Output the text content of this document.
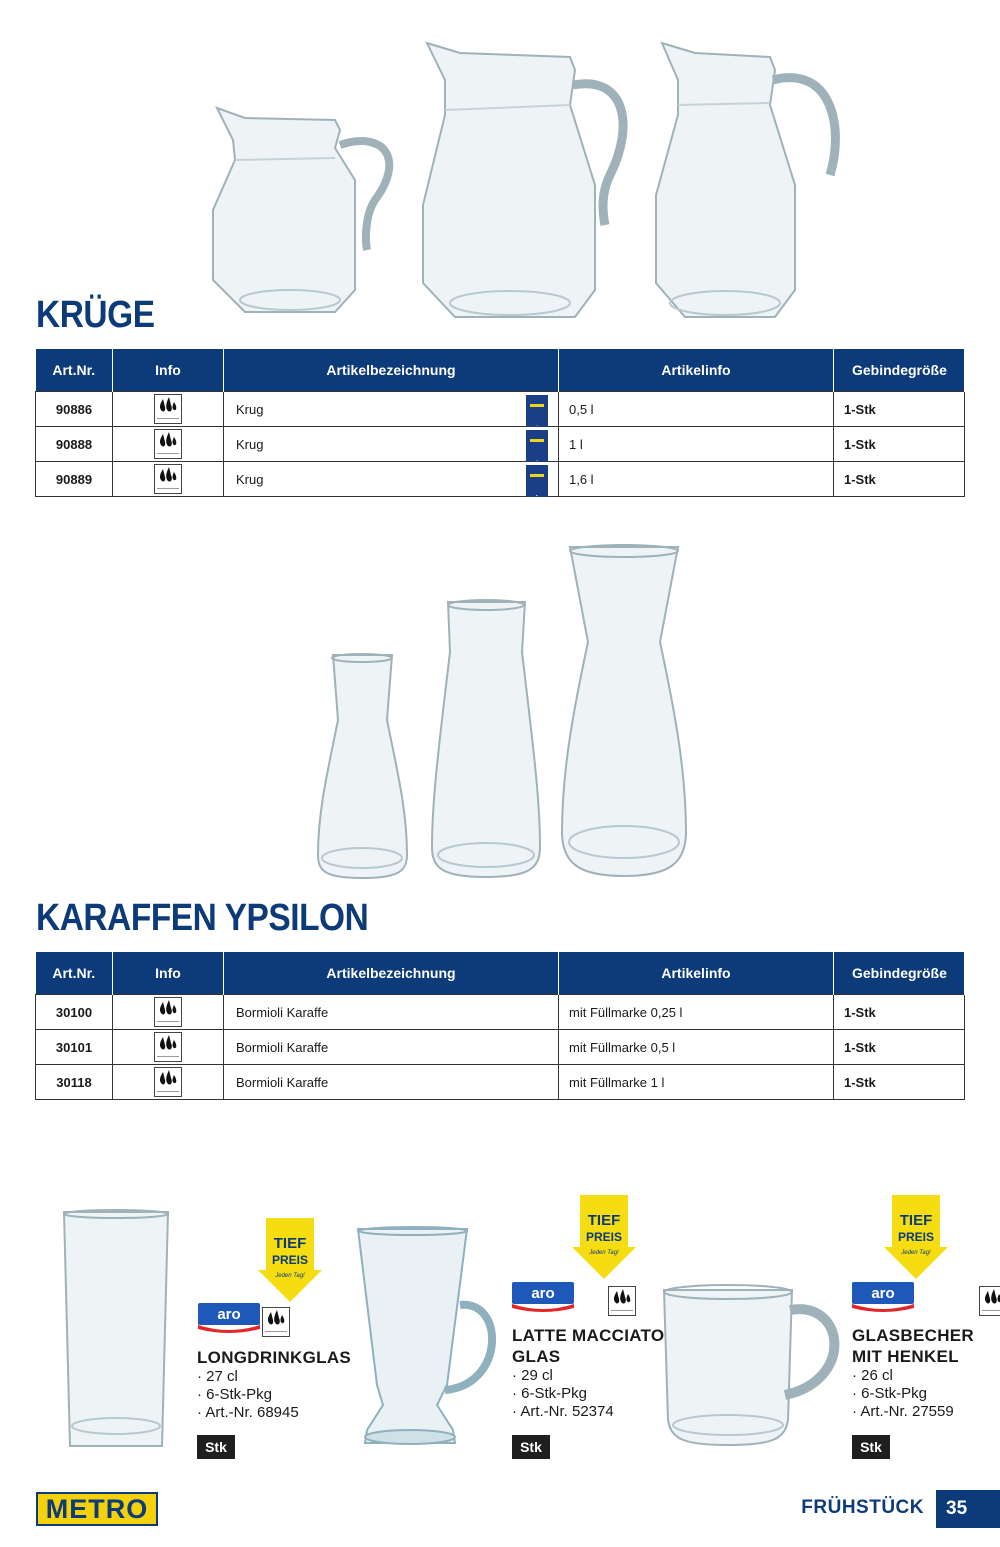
KRÜGE
Art.Nr.	Info	Artikelbezeichnung	Artikelinfo	Gebindegröße
90886		Krug	0,5 l	1-Stk
90888		Krug	1 l	1-Stk
90889		Krug	1,6 l	1-Stk
KARAFFEN YPSILON
Art.Nr.	Info	Artikelbezeichnung	Artikelinfo	Gebindegröße
30100		Bormioli Karaffe	mit Füllmarke 0,25 l	1-Stk
30101		Bormioli Karaffe	mit Füllmarke 0,5 l	1-Stk
30118		Bormioli Karaffe	mit Füllmarke 1 l	1-Stk
TIEF
PREIS
Jeden Tag!
aro

LONGDRINKGLAS
· 27 cl
· 6-Stk-Pkg
· Art.-Nr. 68945
Stk
TIEF
PREIS
Jeden Tag!
aro

LATTE MACCIATO
GLAS
· 29 cl
· 6-Stk-Pkg
· Art.-Nr. 52374
Stk
TIEF
PREIS
Jeden Tag!
aro
GLASBECHER
MIT HENKEL
· 26 cl
· 6-Stk-Pkg
· Art.-Nr. 27559
Stk
METRO	FRÜHSTÜCK	35
